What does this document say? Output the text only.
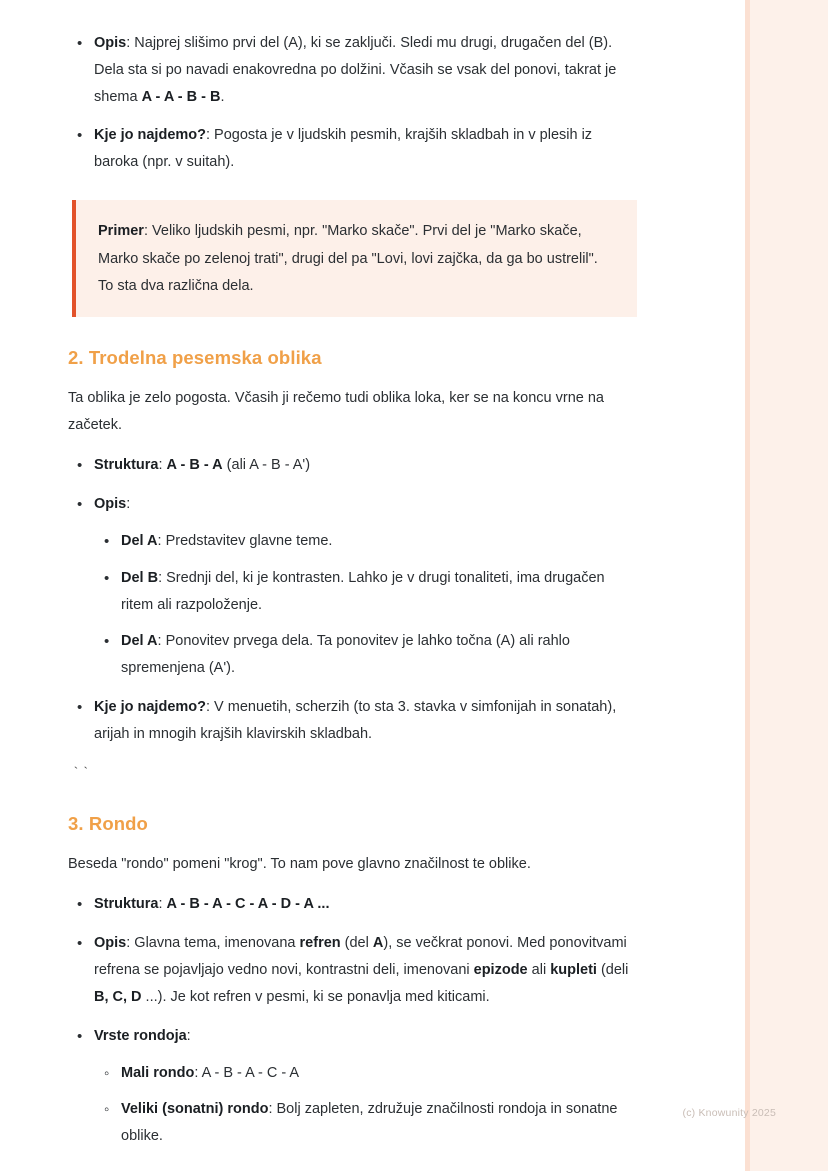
• Opis: Najprej slišimo prvi del (A), ki se zaključi. Sledi mu drugi, drugačen del (B). Dela sta si po navadi enakovredna po dolžini. Včasih se vsak del ponovi, takrat je shema A - A - B - B.
• Kje jo najdemo?: Pogosta je v ljudskih pesmih, krajših skladbah in v plesih iz baroka (npr. v suitah).

Primer: Veliko ljudskih pesmi, npr. "Marko skače". Prvi del je "Marko skače, Marko skače po zelenoj trati", drugi del pa "Lovi, lovi zajčka, da ga bo ustrelil". To sta dva različna dela.

2. Trodelna pesemska oblika

Ta oblika je zelo pogosta. Včasih ji rečemo tudi oblika loka, ker se na koncu vrne na začetek.

• Struktura: A - B - A (ali A - B - A')
• Opis:
• Del A: Predstavitev glavne teme.
• Del B: Srednji del, ki je kontrasten. Lahko je v drugi tonaliteti, ima drugačen ritem ali razpoloženje.
• Del A: Ponovitev prvega dela. Ta ponovitev je lahko točna (A) ali rahlo spremenjena (A').
• Kje jo najdemo?: V menuetih, scherzih (to sta 3. stavka v simfonijah in sonatah), arijah in mnogih krajših klavirskih skladbah.
``
3. Rondo

Beseda "rondo" pomeni "krog". To nam pove glavno značilnost te oblike.

• Struktura: A - B - A - C - A - D - A ...
• Opis: Glavna tema, imenovana refren (del A), se večkrat ponovi. Med ponovitvami refrena se pojavljajo vedno novi, kontrastni deli, imenovani epizode ali kupleti (deli B, C, D ...). Je kot refren v pesmi, ki se ponavlja med kiticami.
• Vrste rondoja:
◦ Mali rondo: A - B - A - C - A
◦ Veliki (sonatni) rondo: Bolj zapleten, združuje značilnosti rondoja in sonatne oblike.
(c) Knowunity 2025
